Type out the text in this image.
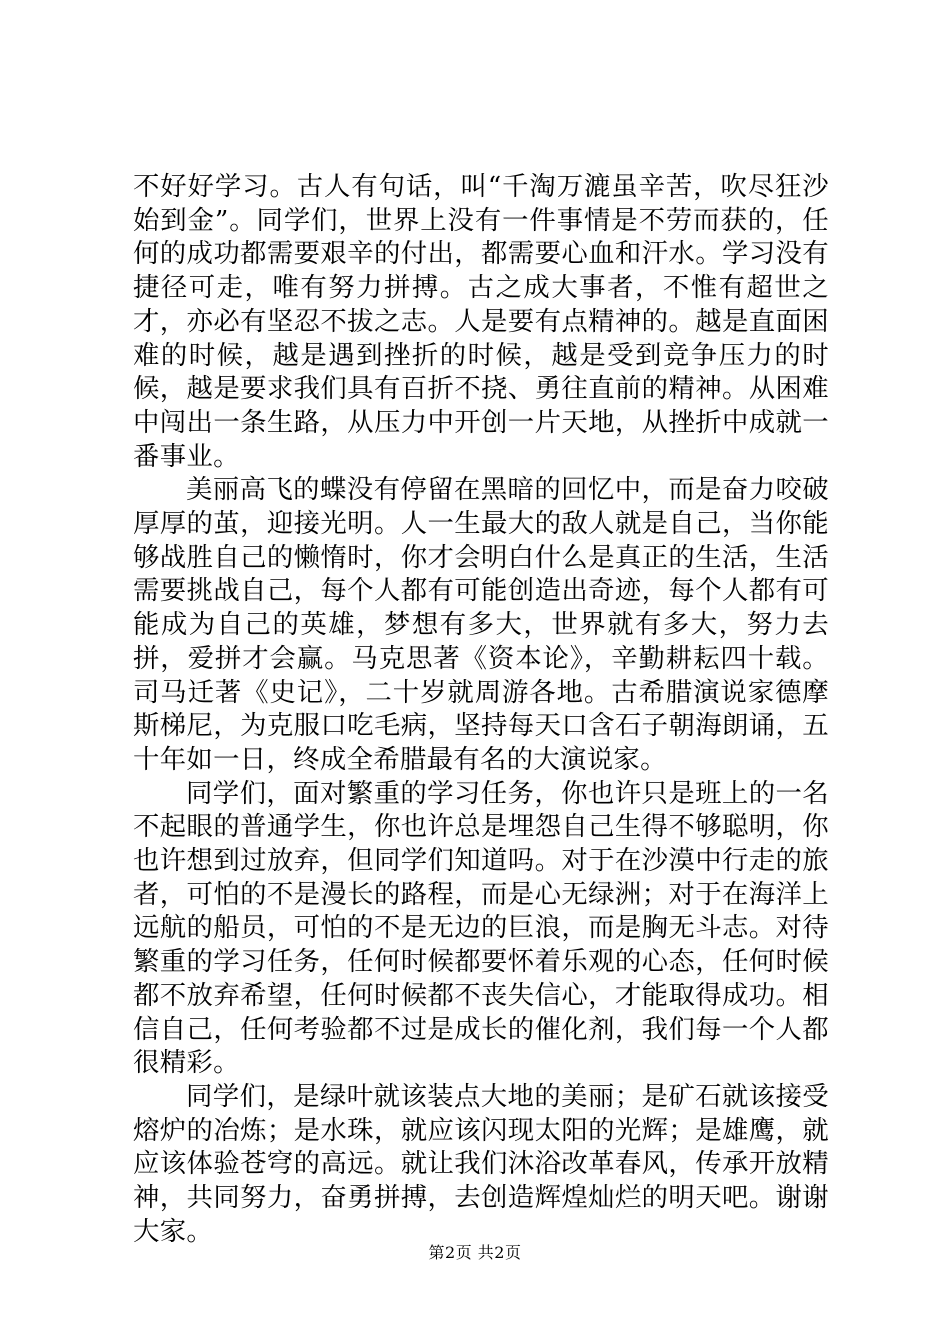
不好好学习。古人有句话，叫“千淘万漉虽辛苦，吹尽狂沙始到金”。同学们，世界上没有一件事情是不劳而获的，任何的成功都需要艰辛的付出，都需要心血和汗水。学习没有捷径可走，唯有努力拼搏。古之成大事者，不惟有超世之才，亦必有坚忍不拔之志。人是要有点精神的。越是直面困难的时候，越是遇到挫折的时候，越是受到竞争压力的时候，越是要求我们具有百折不挠、勇往直前的精神。从困难中闯出一条生路，从压力中开创一片天地，从挫折中成就一番事业。

美丽高飞的蝶没有停留在黑暗的回忆中，而是奋力咬破厚厚的茧，迎接光明。人一生最大的敌人就是自己，当你能够战胜自己的懒惰时，你才会明白什么是真正的生活，生活需要挑战自己，每个人都有可能创造出奇迹，每个人都有可能成为自己的英雄，梦想有多大，世界就有多大，努力去拼，爱拼才会赢。马克思著《资本论》，辛勤耕耘四十载。司马迁著《史记》，二十岁就周游各地。古希腊演说家德摩斯梯尼，为克服口吃毛病，坚持每天口含石子朝海朗诵，五十年如一日，终成全希腊最有名的大演说家。

同学们，面对繁重的学习任务，你也许只是班上的一名不起眼的普通学生，你也许总是埋怨自己生得不够聪明，你也许想到过放弃，但同学们知道吗。对于在沙漠中行走的旅者，可怕的不是漫长的路程，而是心无绿洲；对于在海洋上远航的船员，可怕的不是无边的巨浪，而是胸无斗志。对待繁重的学习任务，任何时候都要怀着乐观的心态，任何时候都不放弃希望，任何时候都不丧失信心，才能取得成功。相信自己，任何考验都不过是成长的催化剂，我们每一个人都很精彩。

同学们，是绿叶就该装点大地的美丽；是矿石就该接受熔炉的冶炼；是水珠，就应该闪现太阳的光辉；是雄鹰，就应该体验苍穹的高远。就让我们沐浴改革春风，传承开放精神，共同努力，奋勇拼搏，去创造辉煌灿烂的明天吧。谢谢大家。

第2页 共2页
